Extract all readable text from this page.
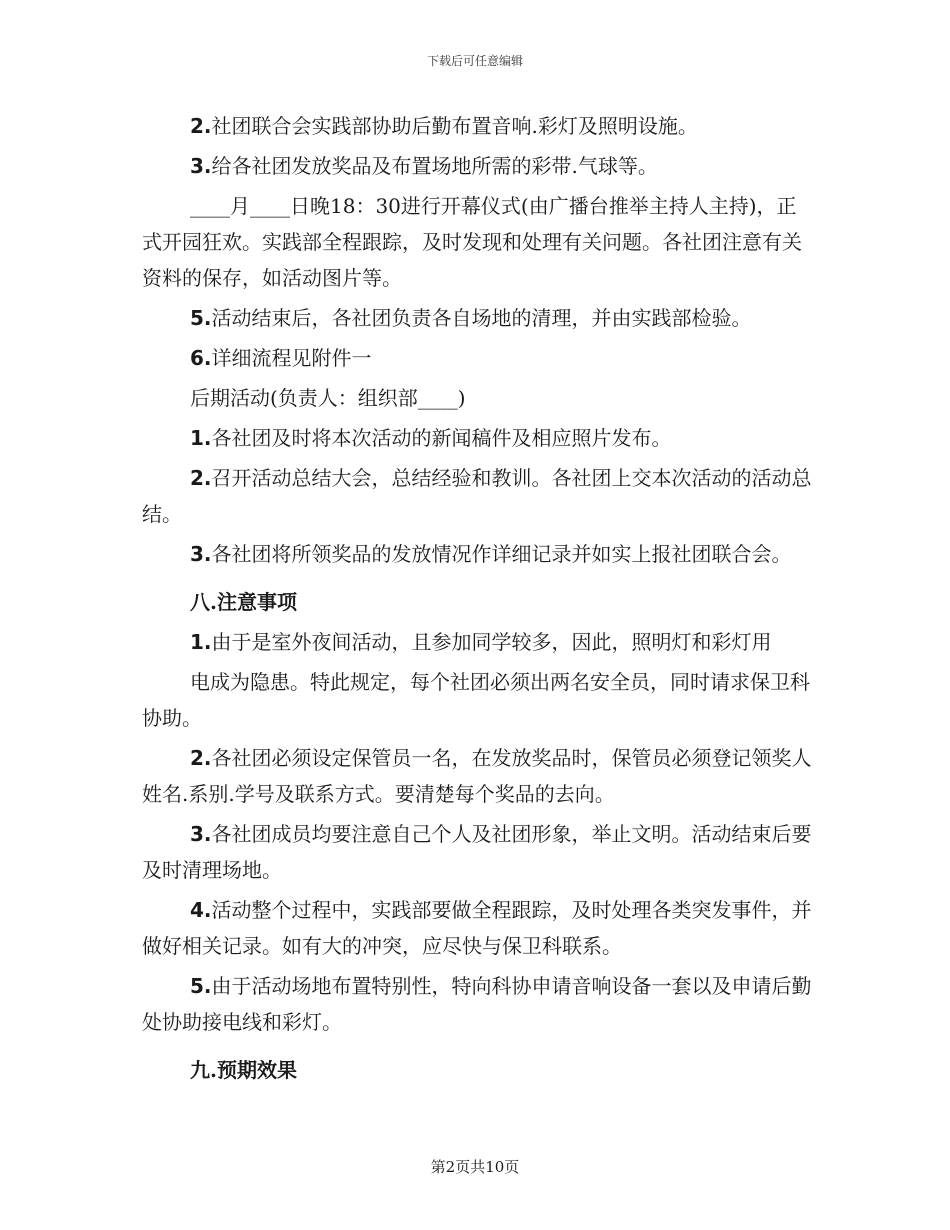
下载后可任意编辑

2.社团联合会实践部协助后勤布置音响.彩灯及照明设施。

3.给各社团发放奖品及布置场地所需的彩带.气球等。

____月____日晚18：30进行开幕仪式(由广播台推举主持人主持)，正式开园狂欢。实践部全程跟踪，及时发现和处理有关问题。各社团注意有关资料的保存，如活动图片等。

5.活动结束后，各社团负责各自场地的清理，并由实践部检验。

6.详细流程见附件一

后期活动(负责人：组织部____)

1.各社团及时将本次活动的新闻稿件及相应照片发布。

2.召开活动总结大会，总结经验和教训。各社团上交本次活动的活动总结。

3.各社团将所领奖品的发放情况作详细记录并如实上报社团联合会。

八.注意事项

1.由于是室外夜间活动，且参加同学较多，因此，照明灯和彩灯用

电成为隐患。特此规定，每个社团必须出两名安全员，同时请求保卫科协助。

2.各社团必须设定保管员一名，在发放奖品时，保管员必须登记领奖人姓名.系别.学号及联系方式。要清楚每个奖品的去向。

3.各社团成员均要注意自己个人及社团形象，举止文明。活动结束后要及时清理场地。

4.活动整个过程中，实践部要做全程跟踪，及时处理各类突发事件，并做好相关记录。如有大的冲突，应尽快与保卫科联系。

5.由于活动场地布置特别性，特向科协申请音响设备一套以及申请后勤处协助接电线和彩灯。

九.预期效果

第2页共10页
